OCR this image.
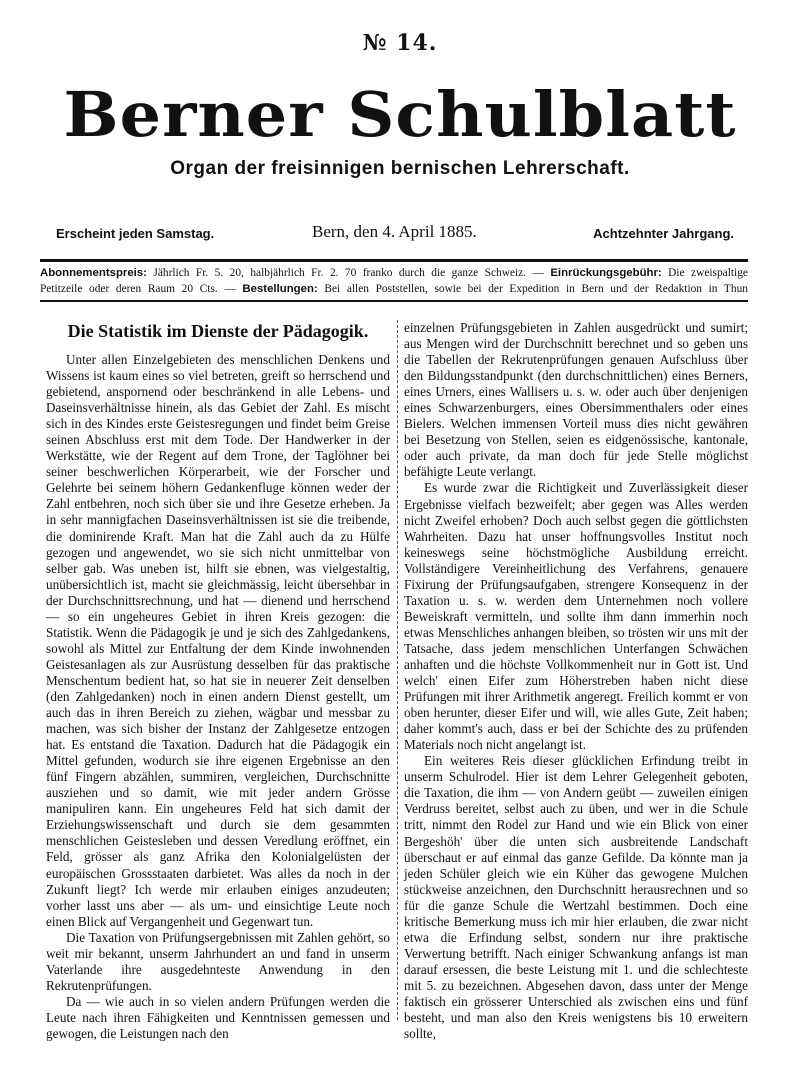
№ 14.
Berner Schulblatt
Organ der freisinnigen bernischen Lehrerschaft.
Erscheint jeden Samstag.	Bern, den 4. April 1885.	Achtzehnter Jahrgang.
Abonnementspreis: Jährlich Fr. 5. 20, halbjährlich Fr. 2. 70 franko durch die ganze Schweiz. — Einrückungsgebühr: Die zweispaltige
Petitzeile oder deren Raum 20 Cts. — Bestellungen: Bei allen Poststellen, sowie bei der Expedition in Bern und der Redaktion in Thun
Die Statistik im Dienste der Pädagogik.

Unter allen Einzelgebieten des menschlichen Denkens und Wissens ist kaum eines so viel betreten, greift so herrschend und gebietend, anspornend oder beschränkend in alle Lebens- und Daseinsverhältnisse hinein, als das Gebiet der Zahl. Es mischt sich in des Kindes erste Geistesregungen und findet beim Greise seinen Abschluss erst mit dem Tode. Der Handwerker in der Werkstätte, wie der Regent auf dem Trone, der Taglöhner bei seiner beschwerlichen Körperarbeit, wie der Forscher und Gelehrte bei seinem höhern Gedankenfluge können weder der Zahl entbehren, noch sich über sie und ihre Gesetze erheben. Ja in sehr mannigfachen Daseinsverhältnissen ist sie die treibende, die dominirende Kraft. Man hat die Zahl auch da zu Hülfe gezogen und angewendet, wo sie sich nicht unmittelbar von selber gab. Was uneben ist, hilft sie ebnen, was vielgestaltig, unübersichtlich ist, macht sie gleichmässig, leicht übersehbar in der Durchschnittsrechnung, und hat — dienend und herrschend — so ein ungeheures Gebiet in ihren Kreis gezogen: die Statistik. Wenn die Pädagogik je und je sich des Zahlgedankens, sowohl als Mittel zur Entfaltung der dem Kinde inwohnenden Geistesanlagen als zur Ausrüstung desselben für das praktische Menschentum bedient hat, so hat sie in neuerer Zeit denselben (den Zahlgedanken) noch in einen andern Dienst gestellt, um auch das in ihren Bereich zu ziehen, wägbar und messbar zu machen, was sich bisher der Instanz der Zahlgesetze entzogen hat. Es entstand die Taxation. Dadurch hat die Pädagogik ein Mittel gefunden, wodurch sie ihre eigenen Ergebnisse an den fünf Fingern abzählen, summiren, vergleichen, Durchschnitte ausziehen und so damit, wie mit jeder andern Grösse manipuliren kann. Ein ungeheures Feld hat sich damit der Erziehungswissenschaft und durch sie dem gesammten menschlichen Geistesleben und dessen Veredlung eröffnet, ein Feld, grösser als ganz Afrika den Kolonialgelüsten der europäischen Grossstaaten darbietet. Was alles da noch in der Zukunft liegt? Ich werde mir erlauben einiges anzudeuten; vorher lasst uns aber — als um- und einsichtige Leute noch einen Blick auf Vergangenheit und Gegenwart tun.

Die Taxation von Prüfungsergebnissen mit Zahlen gehört, so weit mir bekannt, unserm Jahrhundert an und fand in unserm Vaterlande ihre ausgedehnteste Anwendung in den Rekrutenprüfungen.

Da — wie auch in so vielen andern Prüfungen werden die Leute nach ihren Fähigkeiten und Kenntnissen gemessen und gewogen, die Leistungen nach den

einzelnen Prüfungsgebieten in Zahlen ausgedrückt und sumirt; aus Mengen wird der Durchschnitt berechnet und so geben uns die Tabellen der Rekrutenprüfungen genauen Aufschluss über den Bildungsstandpunkt (den durchschnittlichen) eines Berners, eines Urners, eines Wallisers u. s. w. oder auch über denjenigen eines Schwarzenburgers, eines Obersimmenthalers oder eines Bielers. Welchen immensen Vorteil muss dies nicht gewähren bei Besetzung von Stellen, seien es eidgenössische, kantonale, oder auch private, da man doch für jede Stelle möglichst befähigte Leute verlangt.

Es wurde zwar die Richtigkeit und Zuverlässigkeit dieser Ergebnisse vielfach bezweifelt; aber gegen was Alles werden nicht Zweifel erhoben? Doch auch selbst gegen die göttlichsten Wahrheiten. Dazu hat unser hoffnungsvolles Institut noch keineswegs seine höchstmögliche Ausbildung erreicht. Vollständigere Vereinheitlichung des Verfahrens, genauere Fixirung der Prüfungsaufgaben, strengere Konsequenz in der Taxation u. s. w. werden dem Unternehmen noch vollere Beweiskraft vermitteln, und sollte ihm dann immerhin noch etwas Menschliches anhangen bleiben, so trösten wir uns mit der Tatsache, dass jedem menschlichen Unterfangen Schwächen anhaften und die höchste Vollkommenheit nur in Gott ist. Und welch' einen Eifer zum Höherstreben haben nicht diese Prüfungen mit ihrer Arithmetik angeregt. Freilich kommt er von oben herunter, dieser Eifer und will, wie alles Gute, Zeit haben; daher kommt's auch, dass er bei der Schichte des zu prüfenden Materials noch nicht angelangt ist.

Ein weiteres Reis dieser glücklichen Erfindung treibt in unserm Schulrodel. Hier ist dem Lehrer Gelegenheit geboten, die Taxation, die ihm — von Andern geübt — zuweilen einigen Verdruss bereitet, selbst auch zu üben, und wer in die Schule tritt, nimmt den Rodel zur Hand und wie ein Blick von einer Bergeshöh' über die unten sich ausbreitende Landschaft überschaut er auf einmal das ganze Gefilde. Da könnte man ja jeden Schüler gleich wie ein Küher das gewogene Mulchen stückweise anzeichnen, den Durchschnitt herausrechnen und so für die ganze Schule die Wertzahl bestimmen. Doch eine kritische Bemerkung muss ich mir hier erlauben, die zwar nicht etwa die Erfindung selbst, sondern nur ihre praktische Verwertung betrifft. Nach einiger Schwankung anfangs ist man darauf ersessen, die beste Leistung mit 1. und die schlechteste mit 5. zu bezeichnen. Abgesehen davon, dass unter der Menge faktisch ein grösserer Unterschied als zwischen eins und fünf besteht, und man also den Kreis wenigstens bis 10 erweitern sollte,
